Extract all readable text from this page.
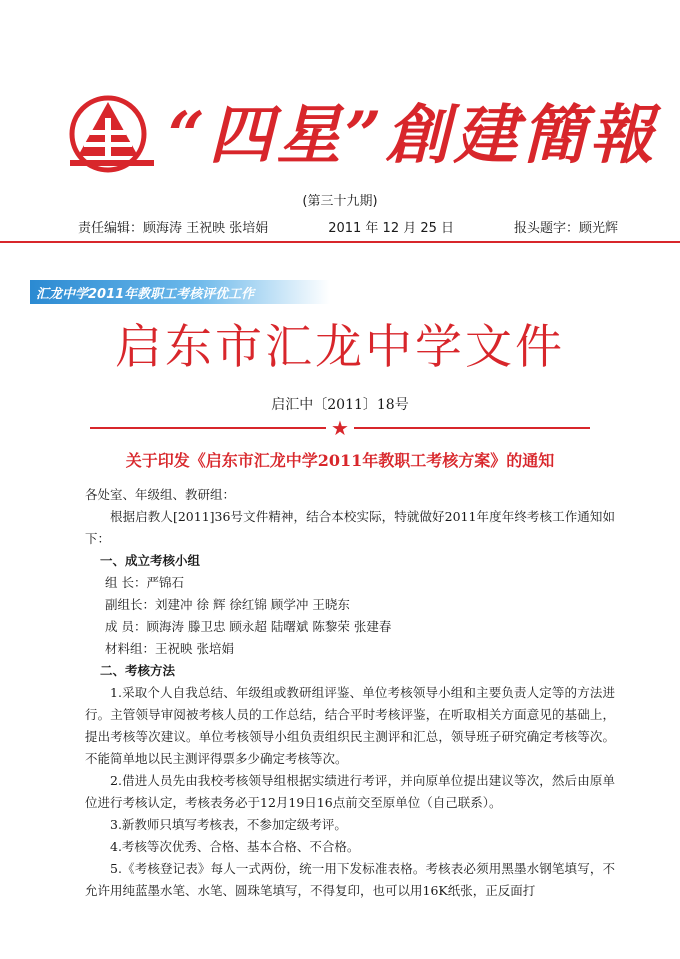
“四星”創建簡報
(第三十九期)
责任编辑：顾海涛 王祝映 张培娟	2011 年 12 月 25 日	报头题字：顾光辉
汇龙中学2011年教职工考核评优工作
启东市汇龙中学文件
启汇中〔2011〕18号
★
关于印发《启东市汇龙中学2011年教职工考核方案》的通知

各处室、年级组、教研组：

根据启教人[2011]36号文件精神，结合本校实际，特就做好2011年度年终考核工作通知如下：

一、成立考核小组

组 长：严锦石

副组长：刘建冲 徐 辉 徐红锦 顾学冲 王晓东

成 员：顾海涛 滕卫忠 顾永超 陆曙斌 陈黎荣 张建春

材料组：王祝映 张培娟

二、考核方法

1.采取个人自我总结、年级组或教研组评鉴、单位考核领导小组和主要负责人定等的方法进行。主管领导审阅被考核人员的工作总结，结合平时考核评鉴，在听取相关方面意见的基础上，提出考核等次建议。单位考核领导小组负责组织民主测评和汇总，领导班子研究确定考核等次。不能简单地以民主测评得票多少确定考核等次。

2.借进人员先由我校考核领导组根据实绩进行考评，并向原单位提出建议等次，然后由原单位进行考核认定，考核表务必于12月19日16点前交至原单位（自己联系）。

3.新教师只填写考核表，不参加定级考评。

4.考核等次优秀、合格、基本合格、不合格。

5.《考核登记表》每人一式两份，统一用下发标准表格。考核表必须用黑墨水钢笔填写，不允许用纯蓝墨水笔、水笔、圆珠笔填写，不得复印，也可以用16K纸张，正反面打
